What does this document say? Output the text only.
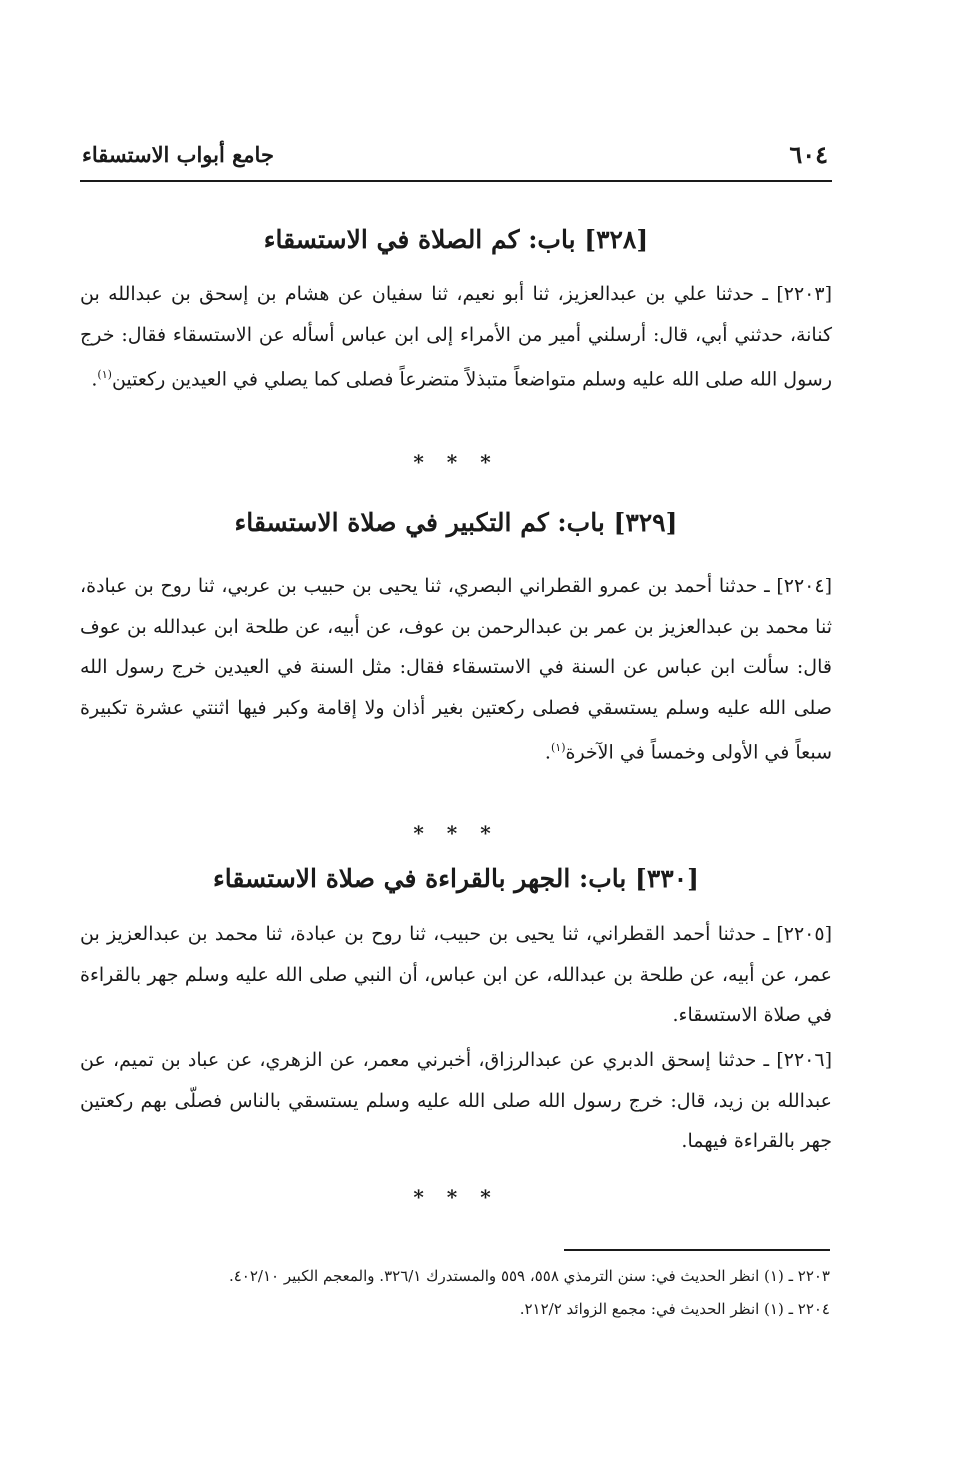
٦٠٤
جامع أبواب الاستسقاء
[٣٢٨] باب: كم الصلاة في الاستسقاء

[٢٢٠٣] ـ حدثنا علي بن عبدالعزيز، ثنا أبو نعيم، ثنا سفيان عن هشام بن إسحق بن عبدالله بن كنانة، حدثني أبي، قال: أرسلني أمير من الأمراء إلى ابن عباس أسأله عن الاستسقاء فقال: خرج رسول الله صلى الله عليه وسلم متواضعاً متبذلاً متضرعاً فصلى كما يصلي في العيدين ركعتين$^{(١)}$.

* * *
[٣٢٩] باب: كم التكبير في صلاة الاستسقاء

[٢٢٠٤] ـ حدثنا أحمد بن عمرو القطراني البصري، ثنا يحيى بن حبيب بن عربي، ثنا روح بن عبادة، ثنا محمد بن عبدالعزيز بن عمر بن عبدالرحمن بن عوف، عن أبيه، عن طلحة ابن عبدالله بن عوف قال: سألت ابن عباس عن السنة في الاستسقاء فقال: مثل السنة في العيدين خرج رسول الله صلى الله عليه وسلم يستسقي فصلى ركعتين بغير أذان ولا إقامة وكبر فيها اثنتي عشرة تكبيرة سبعاً في الأولى وخمساً في الآخرة$^{(١)}$.

* * *
[٣٣٠] باب: الجهر بالقراءة في صلاة الاستسقاء

[٢٢٠٥] ـ حدثنا أحمد القطراني، ثنا يحيى بن حبيب، ثنا روح بن عبادة، ثنا محمد بن عبدالعزيز بن عمر، عن أبيه، عن طلحة بن عبدالله، عن ابن عباس، أن النبي صلى الله عليه وسلم جهر بالقراءة في صلاة الاستسقاء.

[٢٢٠٦] ـ حدثنا إسحق الدبري عن عبدالرزاق، أخبرني معمر، عن الزهري، عن عباد بن تميم، عن عبدالله بن زيد، قال: خرج رسول الله صلى الله عليه وسلم يستسقي بالناس فصلّى بهم ركعتين جهر بالقراءة فيهما.

* * *
٢٢٠٣ ـ (١) انظر الحديث في: سنن الترمذي ٥٥٨، ٥٥٩ والمستدرك ٣٢٦/١. والمعجم الكبير ٤٠٢/١٠.
٢٢٠٤ ـ (١) انظر الحديث في: مجمع الزوائد ٢١٢/٢.
